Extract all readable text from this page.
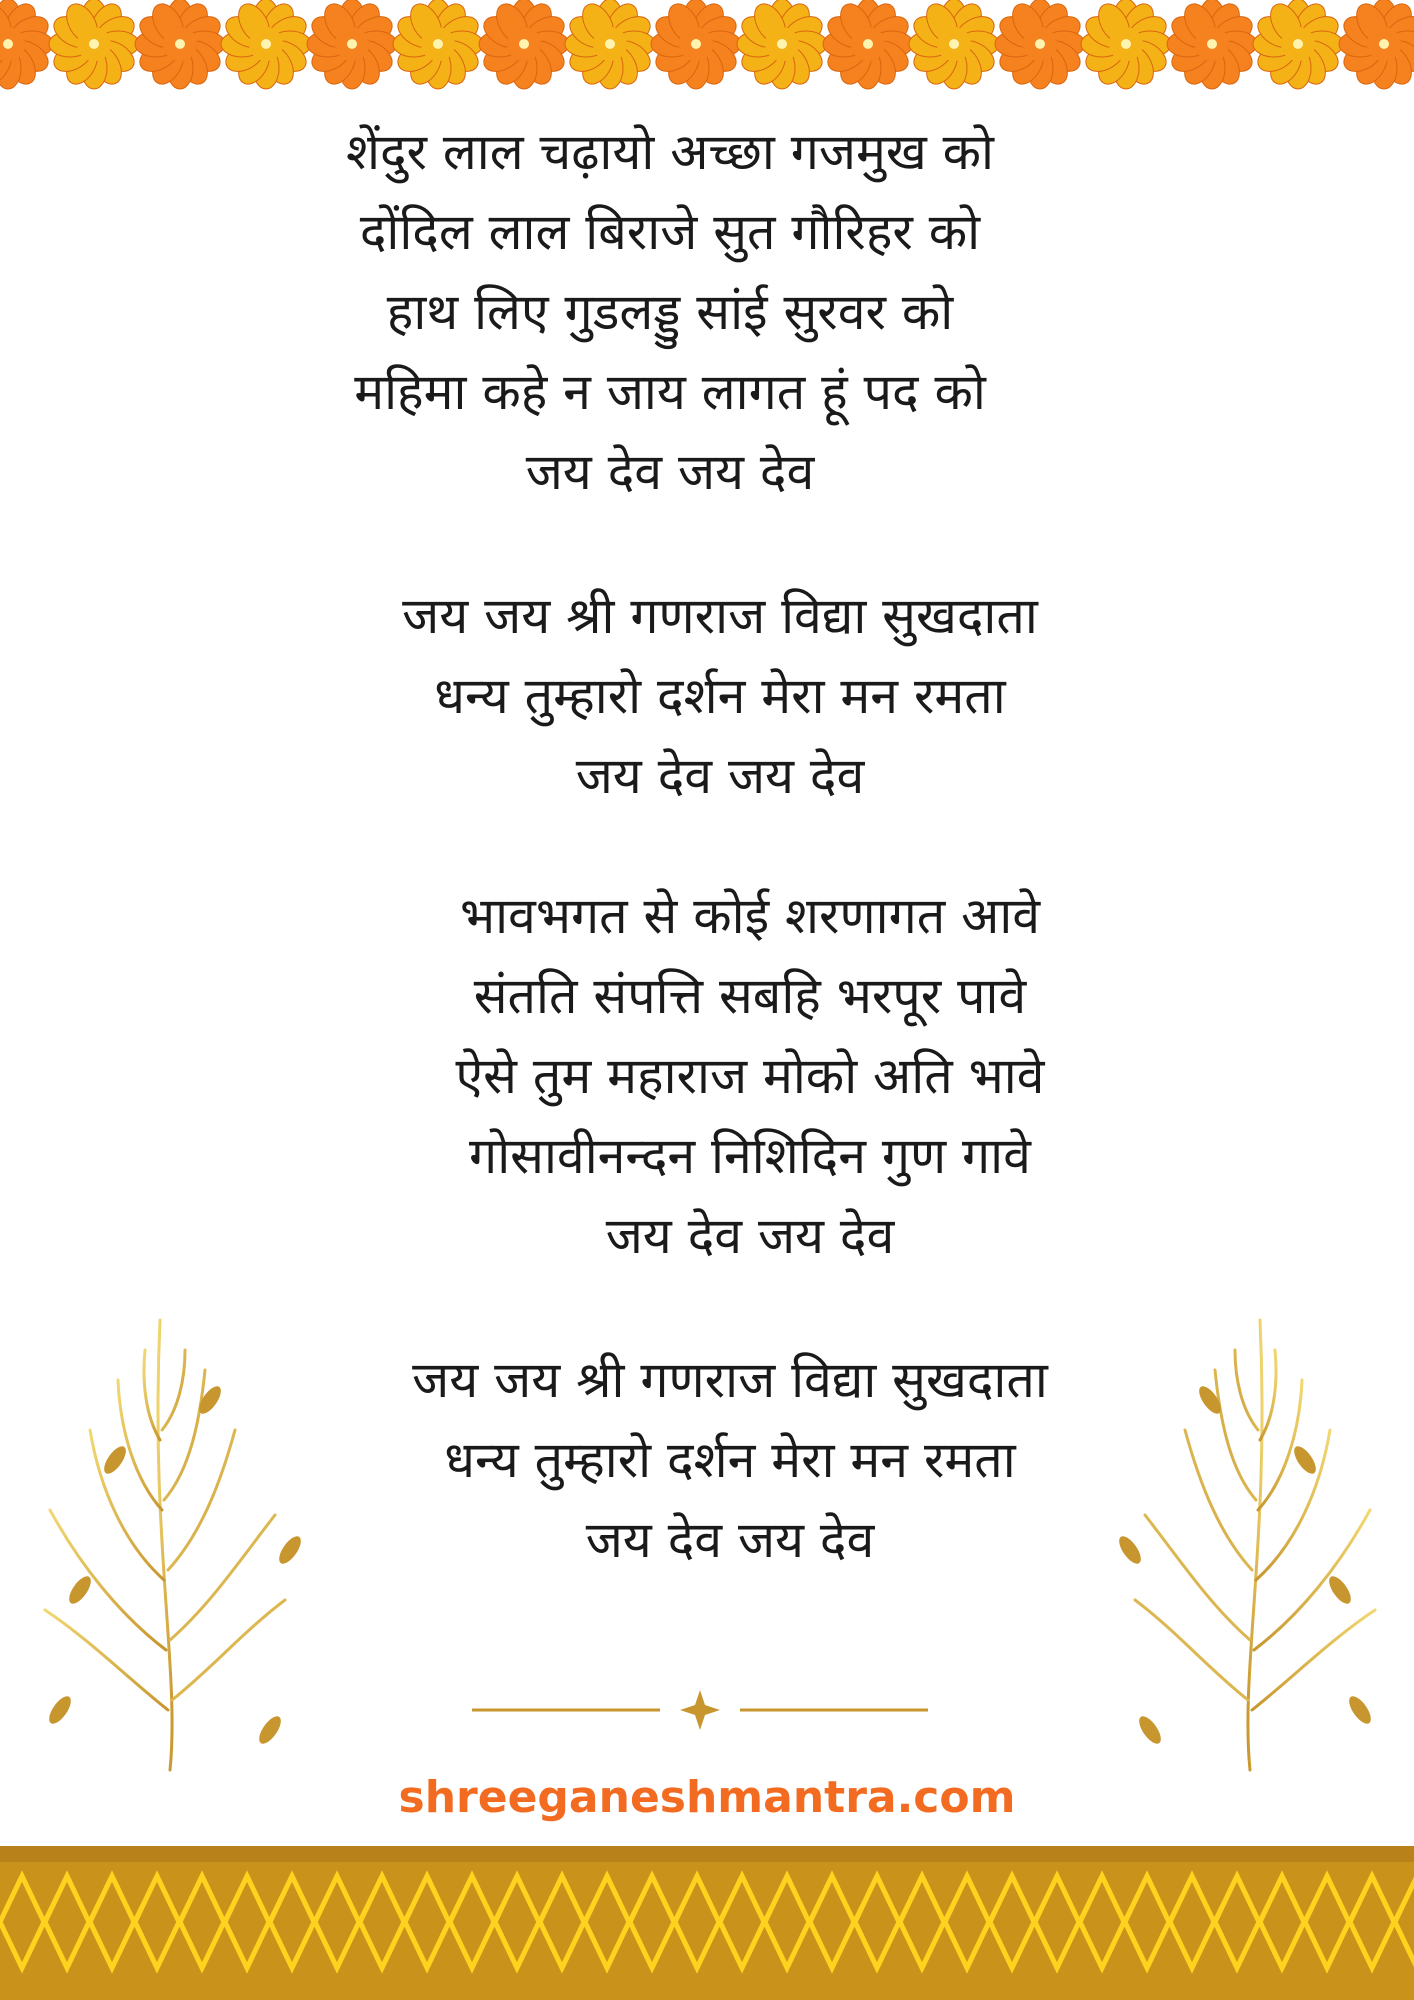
शेंदुर लाल चढ़ायो अच्छा गजमुख को
दोंदिल लाल बिराजे सुत गौरिहर को
हाथ लिए गुडलड्डु सांई सुरवर को
महिमा कहे न जाय लागत हूं पद को
जय देव जय देव
जय जय श्री गणराज विद्या सुखदाता
धन्य तुम्हारो दर्शन मेरा मन रमता
जय देव जय देव
भावभगत से कोई शरणागत आवे
संतति संपत्ति सबहि भरपूर पावे
ऐसे तुम महाराज मोको अति भावे
गोसावीनन्दन निशिदिन गुण गावे
जय देव जय देव
जय जय श्री गणराज विद्या सुखदाता
धन्य तुम्हारो दर्शन मेरा मन रमता
जय देव जय देव
shreeganeshmantra.com
